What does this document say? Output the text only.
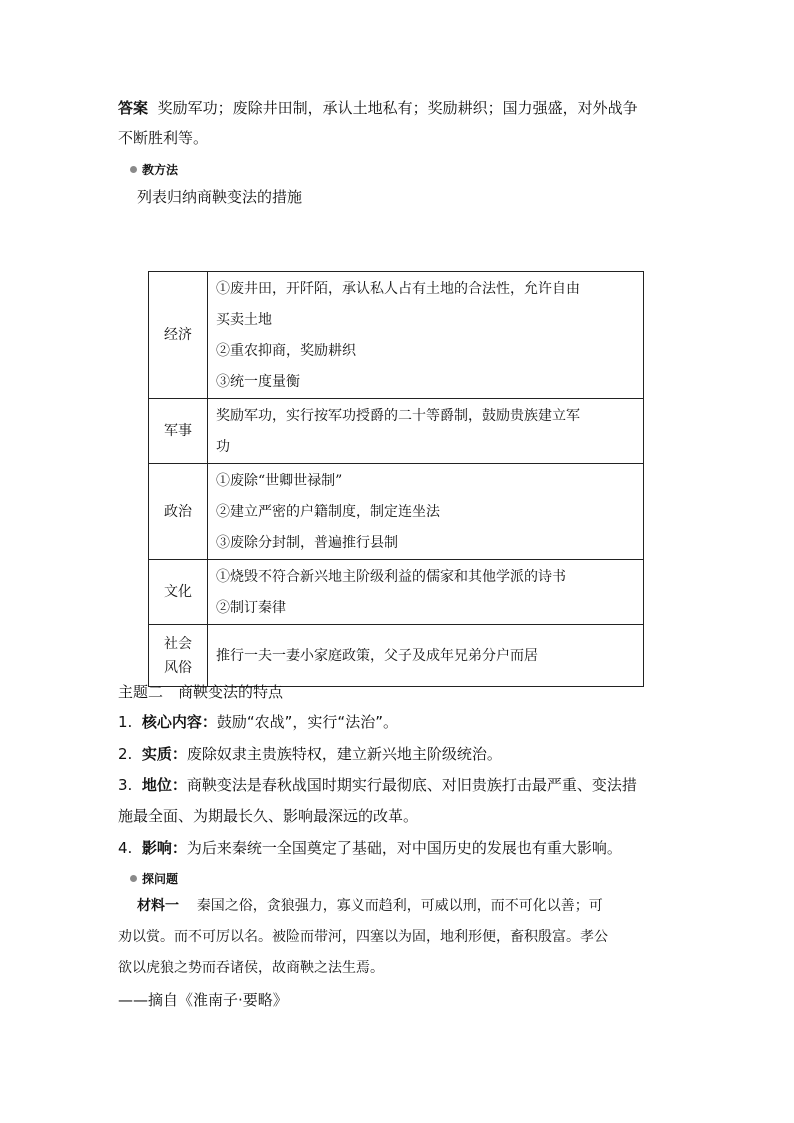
答案 奖励军功；废除井田制，承认土地私有；奖励耕织；国力强盛，对外战争
不断胜利等。
教方法
列表归纳商鞅变法的措施
经济	①废井田，开阡陌，承认私人占有土地的合法性，允许自由
买卖土地
②重农抑商，奖励耕织
③统一度量衡

军事	奖励军功，实行按军功授爵的二十等爵制，鼓励贵族建立军
功

政治	①废除“世卿世禄制”
②建立严密的户籍制度，制定连坐法
③废除分封制，普遍推行县制

文化	①烧毁不符合新兴地主阶级利益的儒家和其他学派的诗书
②制订秦律

社会
风俗	推行一夫一妻小家庭政策，父子及成年兄弟分户而居
主题二　商鞅变法的特点
1. 核心内容：鼓励“农战”，实行“法治”。
2. 实质：废除奴隶主贵族特权，建立新兴地主阶级统治。
3. 地位：商鞅变法是春秋战国时期实行最彻底、对旧贵族打击最严重、变法措
施最全面、为期最长久、影响最深远的改革。
4. 影响：为后来秦统一全国奠定了基础，对中国历史的发展也有重大影响。
探问题
材料一 秦国之俗，贪狼强力，寡义而趋利，可威以刑，而不可化以善；可
劝以赏。而不可厉以名。被险而带河，四塞以为固，地利形便，畜积殷富。孝公
欲以虎狼之势而吞诸侯，故商鞅之法生焉。
——摘自《淮南子·要略》
